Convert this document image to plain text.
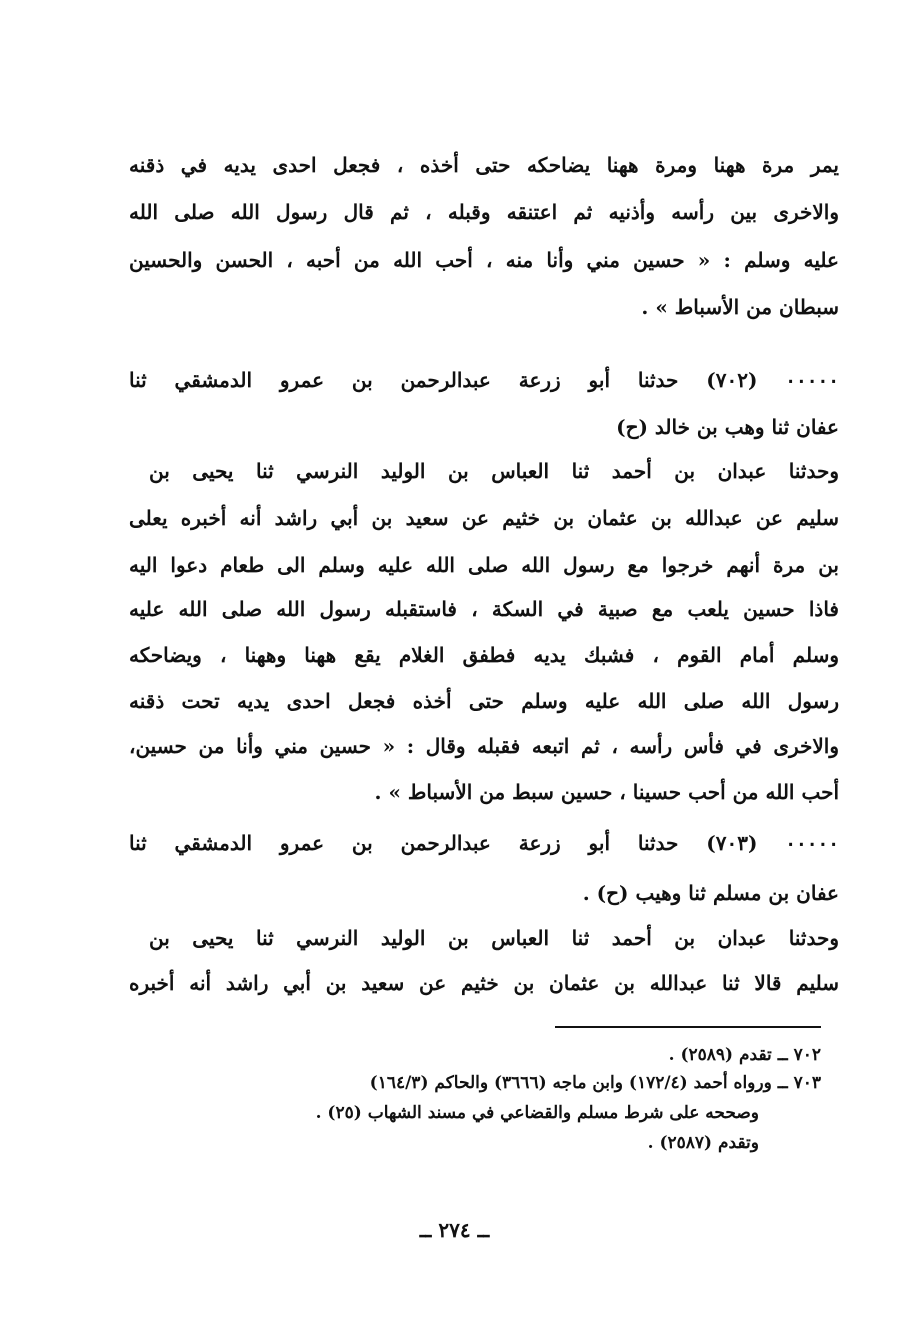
يمر مرة ههنا ومرة ههنا يضاحكه حتى أخذه ، فجعل احدى يديه في ذقنه
والاخرى بين رأسه وأذنيه ثم اعتنقه وقبله ، ثم قال رسول الله صلى الله
عليه وسلم : « حسين مني وأنا منه ، أحب الله من أحبه ، الحسن والحسين
سبطان من الأسباط » .
٠٠٠٠٠ (٧٠٢) حدثنا أبو زرعة عبدالرحمن بن عمرو الدمشقي ثنا
عفان ثنا وهب بن خالد (ح)
وحدثنا عبدان بن أحمد ثنا العباس بن الوليد النرسي ثنا يحيى بن
سليم عن عبدالله بن عثمان بن خثيم عن سعيد بن أبي راشد أنه أخبره يعلى
بن مرة أنهم خرجوا مع رسول الله صلى الله عليه وسلم الى طعام دعوا اليه
فاذا حسين يلعب مع صبية في السكة ، فاستقبله رسول الله صلى الله عليه
وسلم أمام القوم ، فشبك يديه فطفق الغلام يقع ههنا وههنا ، ويضاحكه
رسول الله صلى الله عليه وسلم حتى أخذه فجعل احدى يديه تحت ذقنه
والاخرى في فأس رأسه ، ثم اتبعه فقبله وقال : « حسين مني وأنا من حسين،
أحب الله من أحب حسينا ، حسين سبط من الأسباط » .
٠٠٠٠٠ (٧٠٣) حدثنا أبو زرعة عبدالرحمن بن عمرو الدمشقي ثنا
عفان بن مسلم ثنا وهيب (ح) .
وحدثنا عبدان بن أحمد ثنا العباس بن الوليد النرسي ثنا يحيى بن
سليم قالا ثنا عبدالله بن عثمان بن خثيم عن سعيد بن أبي راشد أنه أخبره
٧٠٢ ــ تقدم (٢٥٨٩) .
٧٠٣ ــ ورواه أحمد (١٧٢/٤) وابن ماجه (٣٦٦٦) والحاكم (١٦٤/٣)
وصححه على شرط مسلم والقضاعي في مسند الشهاب (٢٥) .
وتقدم (٢٥٨٧) .
ــ ٢٧٤ ــ
